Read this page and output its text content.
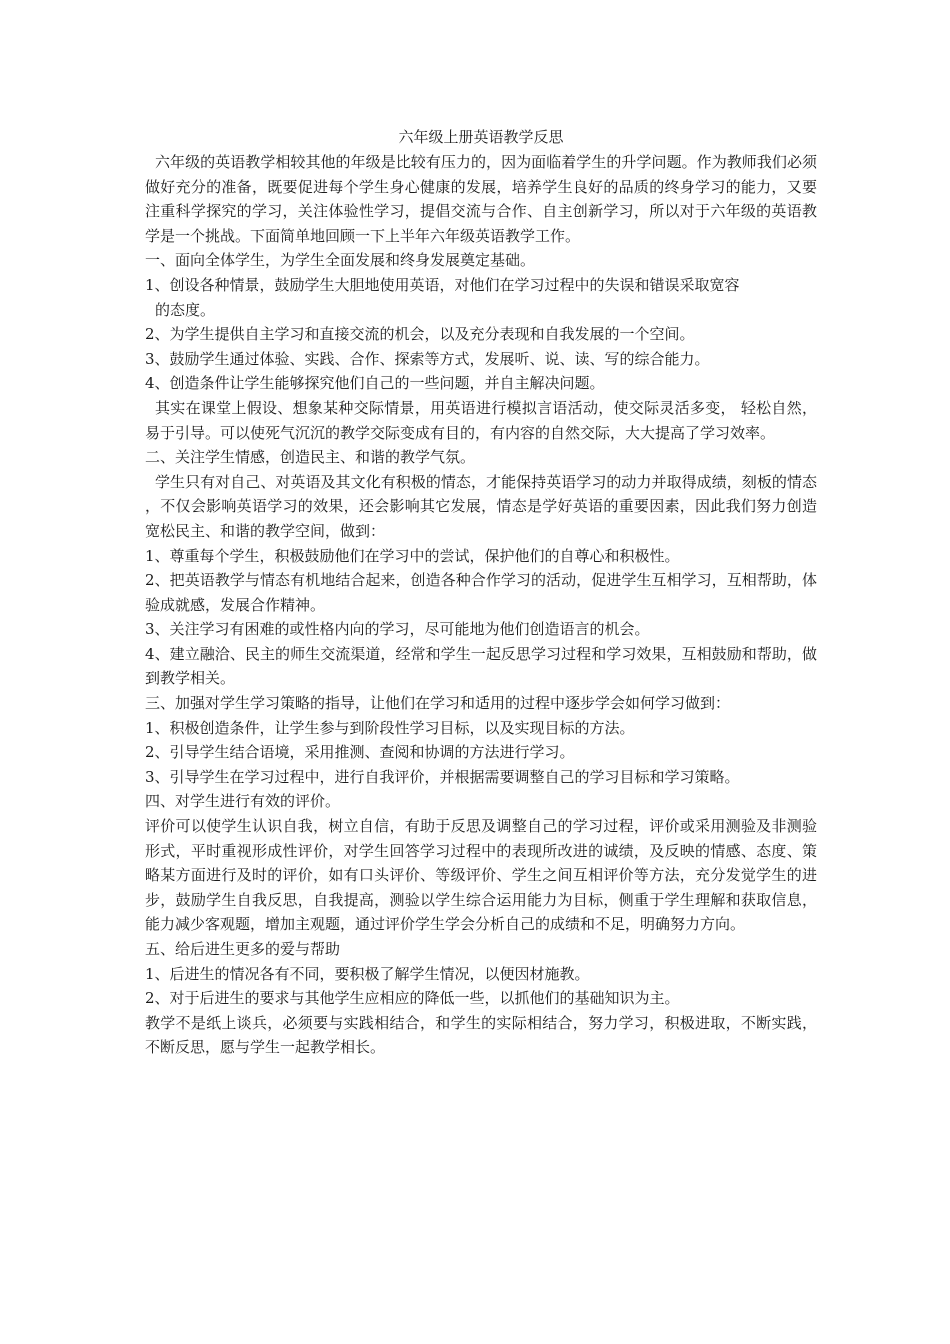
六年级上册英语教学反思

六年级的英语教学相较其他的年级是比较有压力的，因为面临着学生的升学问题。作为教师我们必须做好充分的准备，既要促进每个学生身心健康的发展，培养学生良好的品质的终身学习的能力，又要注重科学探究的学习，关注体验性学习，提倡交流与合作、自主创新学习，所以对于六年级的英语教学是一个挑战。下面简单地回顾一下上半年六年级英语教学工作。

一、面向全体学生，为学生全面发展和终身发展奠定基础。

1、创设各种情景，鼓励学生大胆地使用英语，对他们在学习过程中的失误和错误采取宽容

的态度。

2、为学生提供自主学习和直接交流的机会，以及充分表现和自我发展的一个空间。

3、鼓励学生通过体验、实践、合作、探索等方式，发展听、说、读、写的综合能力。

4、创造条件让学生能够探究他们自己的一些问题，并自主解决问题。

其实在课堂上假设、想象某种交际情景，用英语进行模拟言语活动，使交际灵活多变， 轻松自然，易于引导。可以使死气沉沉的教学交际变成有目的，有内容的自然交际，大大提高了学习效率。

二、关注学生情感，创造民主、和谐的教学气氛。

学生只有对自己、对英语及其文化有积极的情态，才能保持英语学习的动力并取得成绩，刻板的情态，不仅会影响英语学习的效果，还会影响其它发展，情态是学好英语的重要因素，因此我们努力创造宽松民主、和谐的教学空间，做到：

1、尊重每个学生，积极鼓励他们在学习中的尝试，保护他们的自尊心和积极性。

2、把英语教学与情态有机地结合起来，创造各种合作学习的活动，促进学生互相学习，互相帮助，体验成就感，发展合作精神。

3、关注学习有困难的或性格内向的学习，尽可能地为他们创造语言的机会。

4、建立融洽、民主的师生交流渠道，经常和学生一起反思学习过程和学习效果，互相鼓励和帮助，做到教学相关。

三、加强对学生学习策略的指导，让他们在学习和适用的过程中逐步学会如何学习做到：

1、积极创造条件，让学生参与到阶段性学习目标，以及实现目标的方法。

2、引导学生结合语境，采用推测、查阅和协调的方法进行学习。

3、引导学生在学习过程中，进行自我评价，并根据需要调整自己的学习目标和学习策略。

四、对学生进行有效的评价。

评价可以使学生认识自我，树立自信，有助于反思及调整自己的学习过程，评价或采用测验及非测验形式，平时重视形成性评价，对学生回答学习过程中的表现所改进的诚绩，及反映的情感、态度、策略某方面进行及时的评价，如有口头评价、等级评价、学生之间互相评价等方法，充分发觉学生的进步，鼓励学生自我反思，自我提高，测验以学生综合运用能力为目标，侧重于学生理解和获取信息，能力减少客观题，增加主观题，通过评价学生学会分析自己的成绩和不足，明确努力方向。

五、给后进生更多的爱与帮助

1、后进生的情况各有不同，要积极了解学生情况，以便因材施教。

2、对于后进生的要求与其他学生应相应的降低一些，以抓他们的基础知识为主。

教学不是纸上谈兵，必须要与实践相结合，和学生的实际相结合，努力学习，积极进取，不断实践，不断反思，愿与学生一起教学相长。
